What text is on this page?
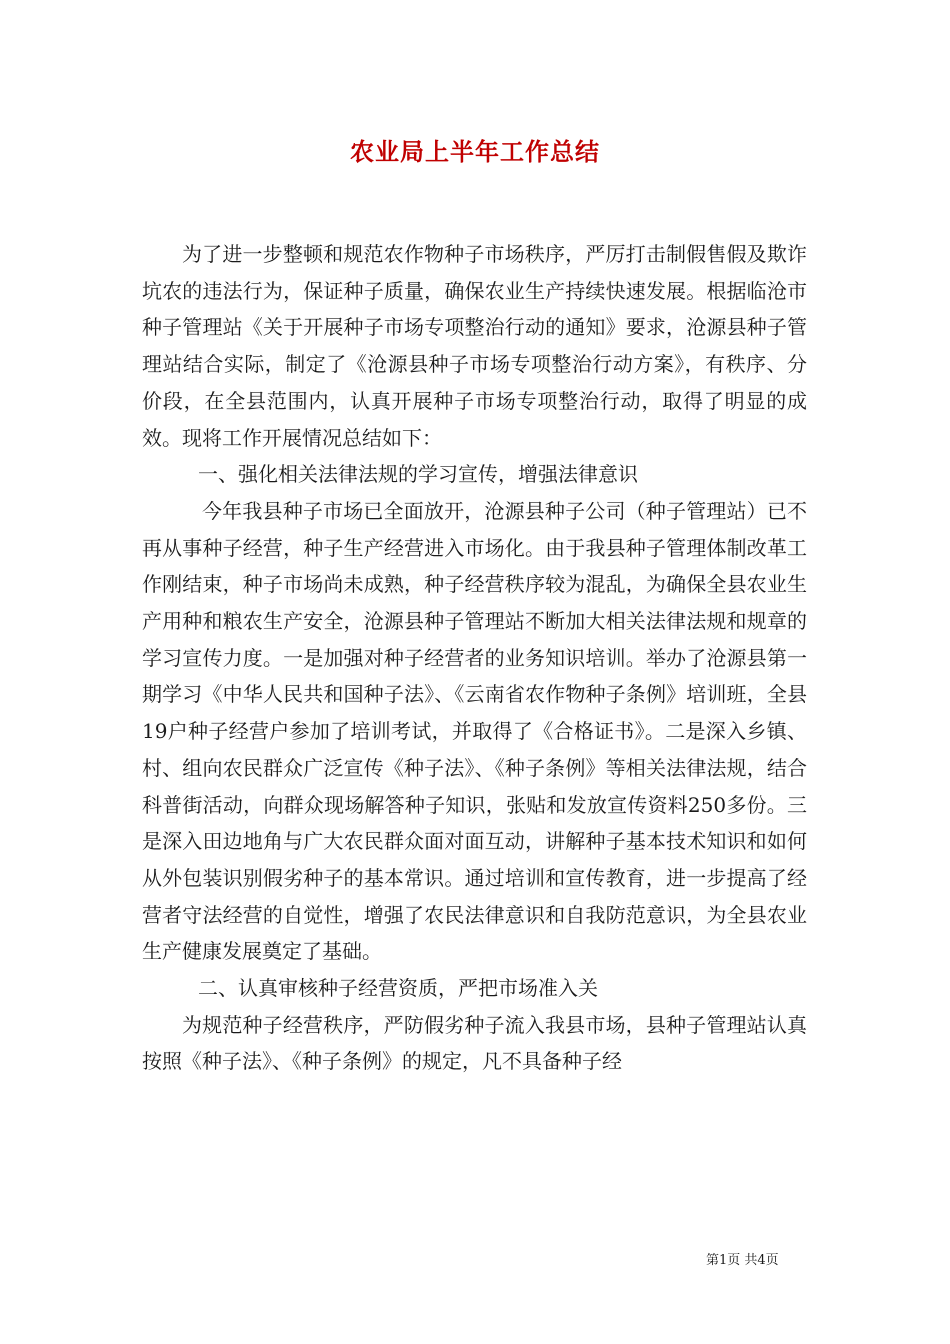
农业局上半年工作总结

为了进一步整顿和规范农作物种子市场秩序，严厉打击制假售假及欺诈坑农的违法行为，保证种子质量，确保农业生产持续快速发展。根据临沧市种子管理站《关于开展种子市场专项整治行动的通知》要求，沧源县种子管理站结合实际，制定了《沧源县种子市场专项整治行动方案》，有秩序、分价段，在全县范围内，认真开展种子市场专项整治行动，取得了明显的成效。现将工作开展情况总结如下：

一、强化相关法律法规的学习宣传，增强法律意识

今年我县种子市场已全面放开，沧源县种子公司（种子管理站）已不再从事种子经营，种子生产经营进入市场化。由于我县种子管理体制改革工作刚结束，种子市场尚未成熟，种子经营秩序较为混乱，为确保全县农业生产用种和粮农生产安全，沧源县种子管理站不断加大相关法律法规和规章的学习宣传力度。一是加强对种子经营者的业务知识培训。举办了沧源县第一期学习《中华人民共和国种子法》、《云南省农作物种子条例》培训班，全县19户种子经营户参加了培训考试，并取得了《合格证书》。二是深入乡镇、村、组向农民群众广泛宣传《种子法》、《种子条例》等相关法律法规，结合科普街活动，向群众现场解答种子知识，张贴和发放宣传资料250多份。三是深入田边地角与广大农民群众面对面互动，讲解种子基本技术知识和如何从外包装识别假劣种子的基本常识。通过培训和宣传教育，进一步提高了经营者守法经营的自觉性，增强了农民法律意识和自我防范意识，为全县农业生产健康发展奠定了基础。

二、认真审核种子经营资质，严把市场准入关

为规范种子经营秩序，严防假劣种子流入我县市场，县种子管理站认真按照《种子法》、《种子条例》的规定，凡不具备种子经

第1页 共4页
